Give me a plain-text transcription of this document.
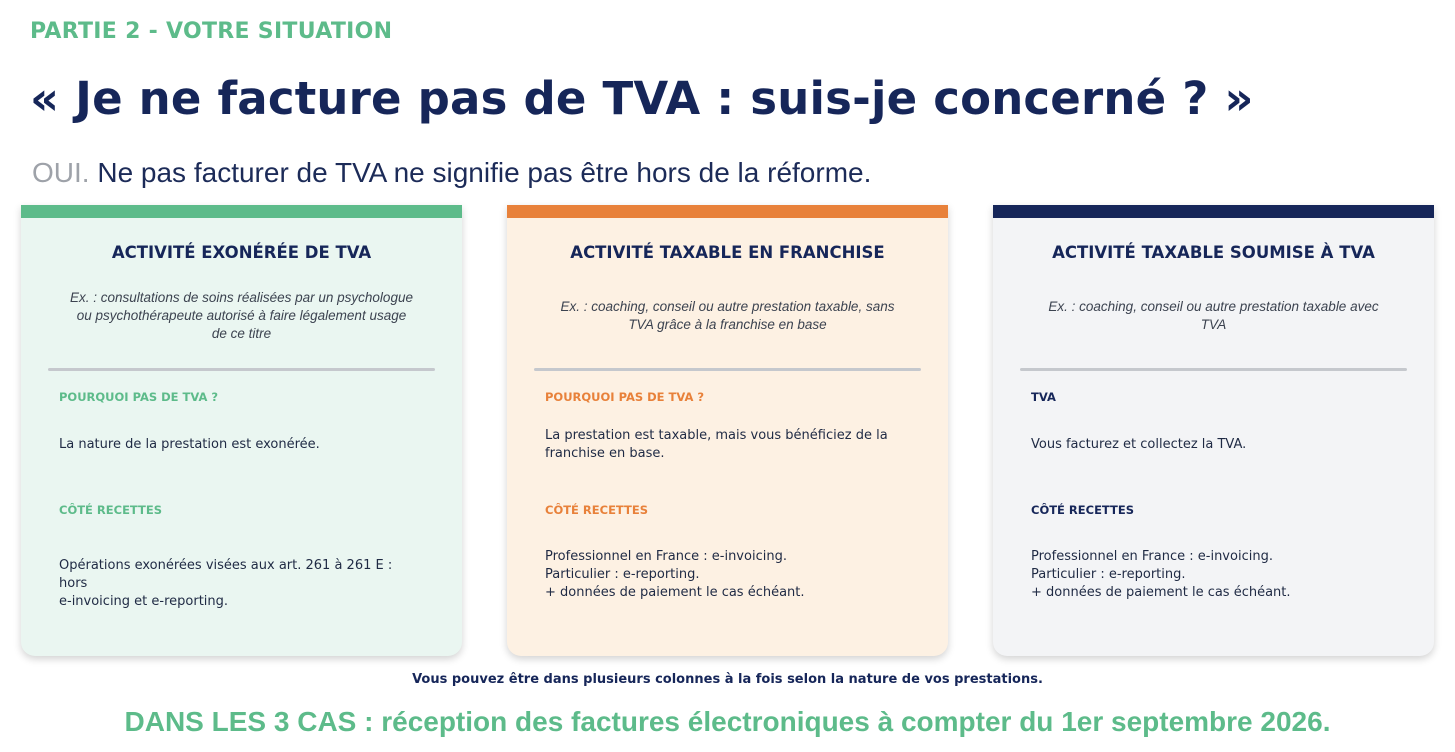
PARTIE 2 - VOTRE SITUATION
« Je ne facture pas de TVA : suis-je concerné ? »
OUI. Ne pas facturer de TVA ne signifie pas être hors de la réforme.
ACTIVITÉ EXONÉRÉE DE TVA
Ex. : consultations de soins réalisées par un psychologue
ou psychothérapeute autorisé à faire légalement usage
de ce titre
POURQUOI PAS DE TVA ?
La nature de la prestation est exonérée.
CÔTÉ RECETTES
Opérations exonérées visées aux art. 261 à 261 E : hors
e-invoicing et e-reporting.
ACTIVITÉ TAXABLE EN FRANCHISE
Ex. : coaching, conseil ou autre prestation taxable, sans
TVA grâce à la franchise en base
POURQUOI PAS DE TVA ?
La prestation est taxable, mais vous bénéficiez de la
franchise en base.
CÔTÉ RECETTES
Professionnel en France : e-invoicing.
Particulier : e-reporting.
+ données de paiement le cas échéant.
ACTIVITÉ TAXABLE SOUMISE À TVA
Ex. : coaching, conseil ou autre prestation taxable avec
TVA
TVA
Vous facturez et collectez la TVA.
CÔTÉ RECETTES
Professionnel en France : e-invoicing.
Particulier : e-reporting.
+ données de paiement le cas échéant.
Vous pouvez être dans plusieurs colonnes à la fois selon la nature de vos prestations.
DANS LES 3 CAS : réception des factures électroniques à compter du 1er septembre 2026.
